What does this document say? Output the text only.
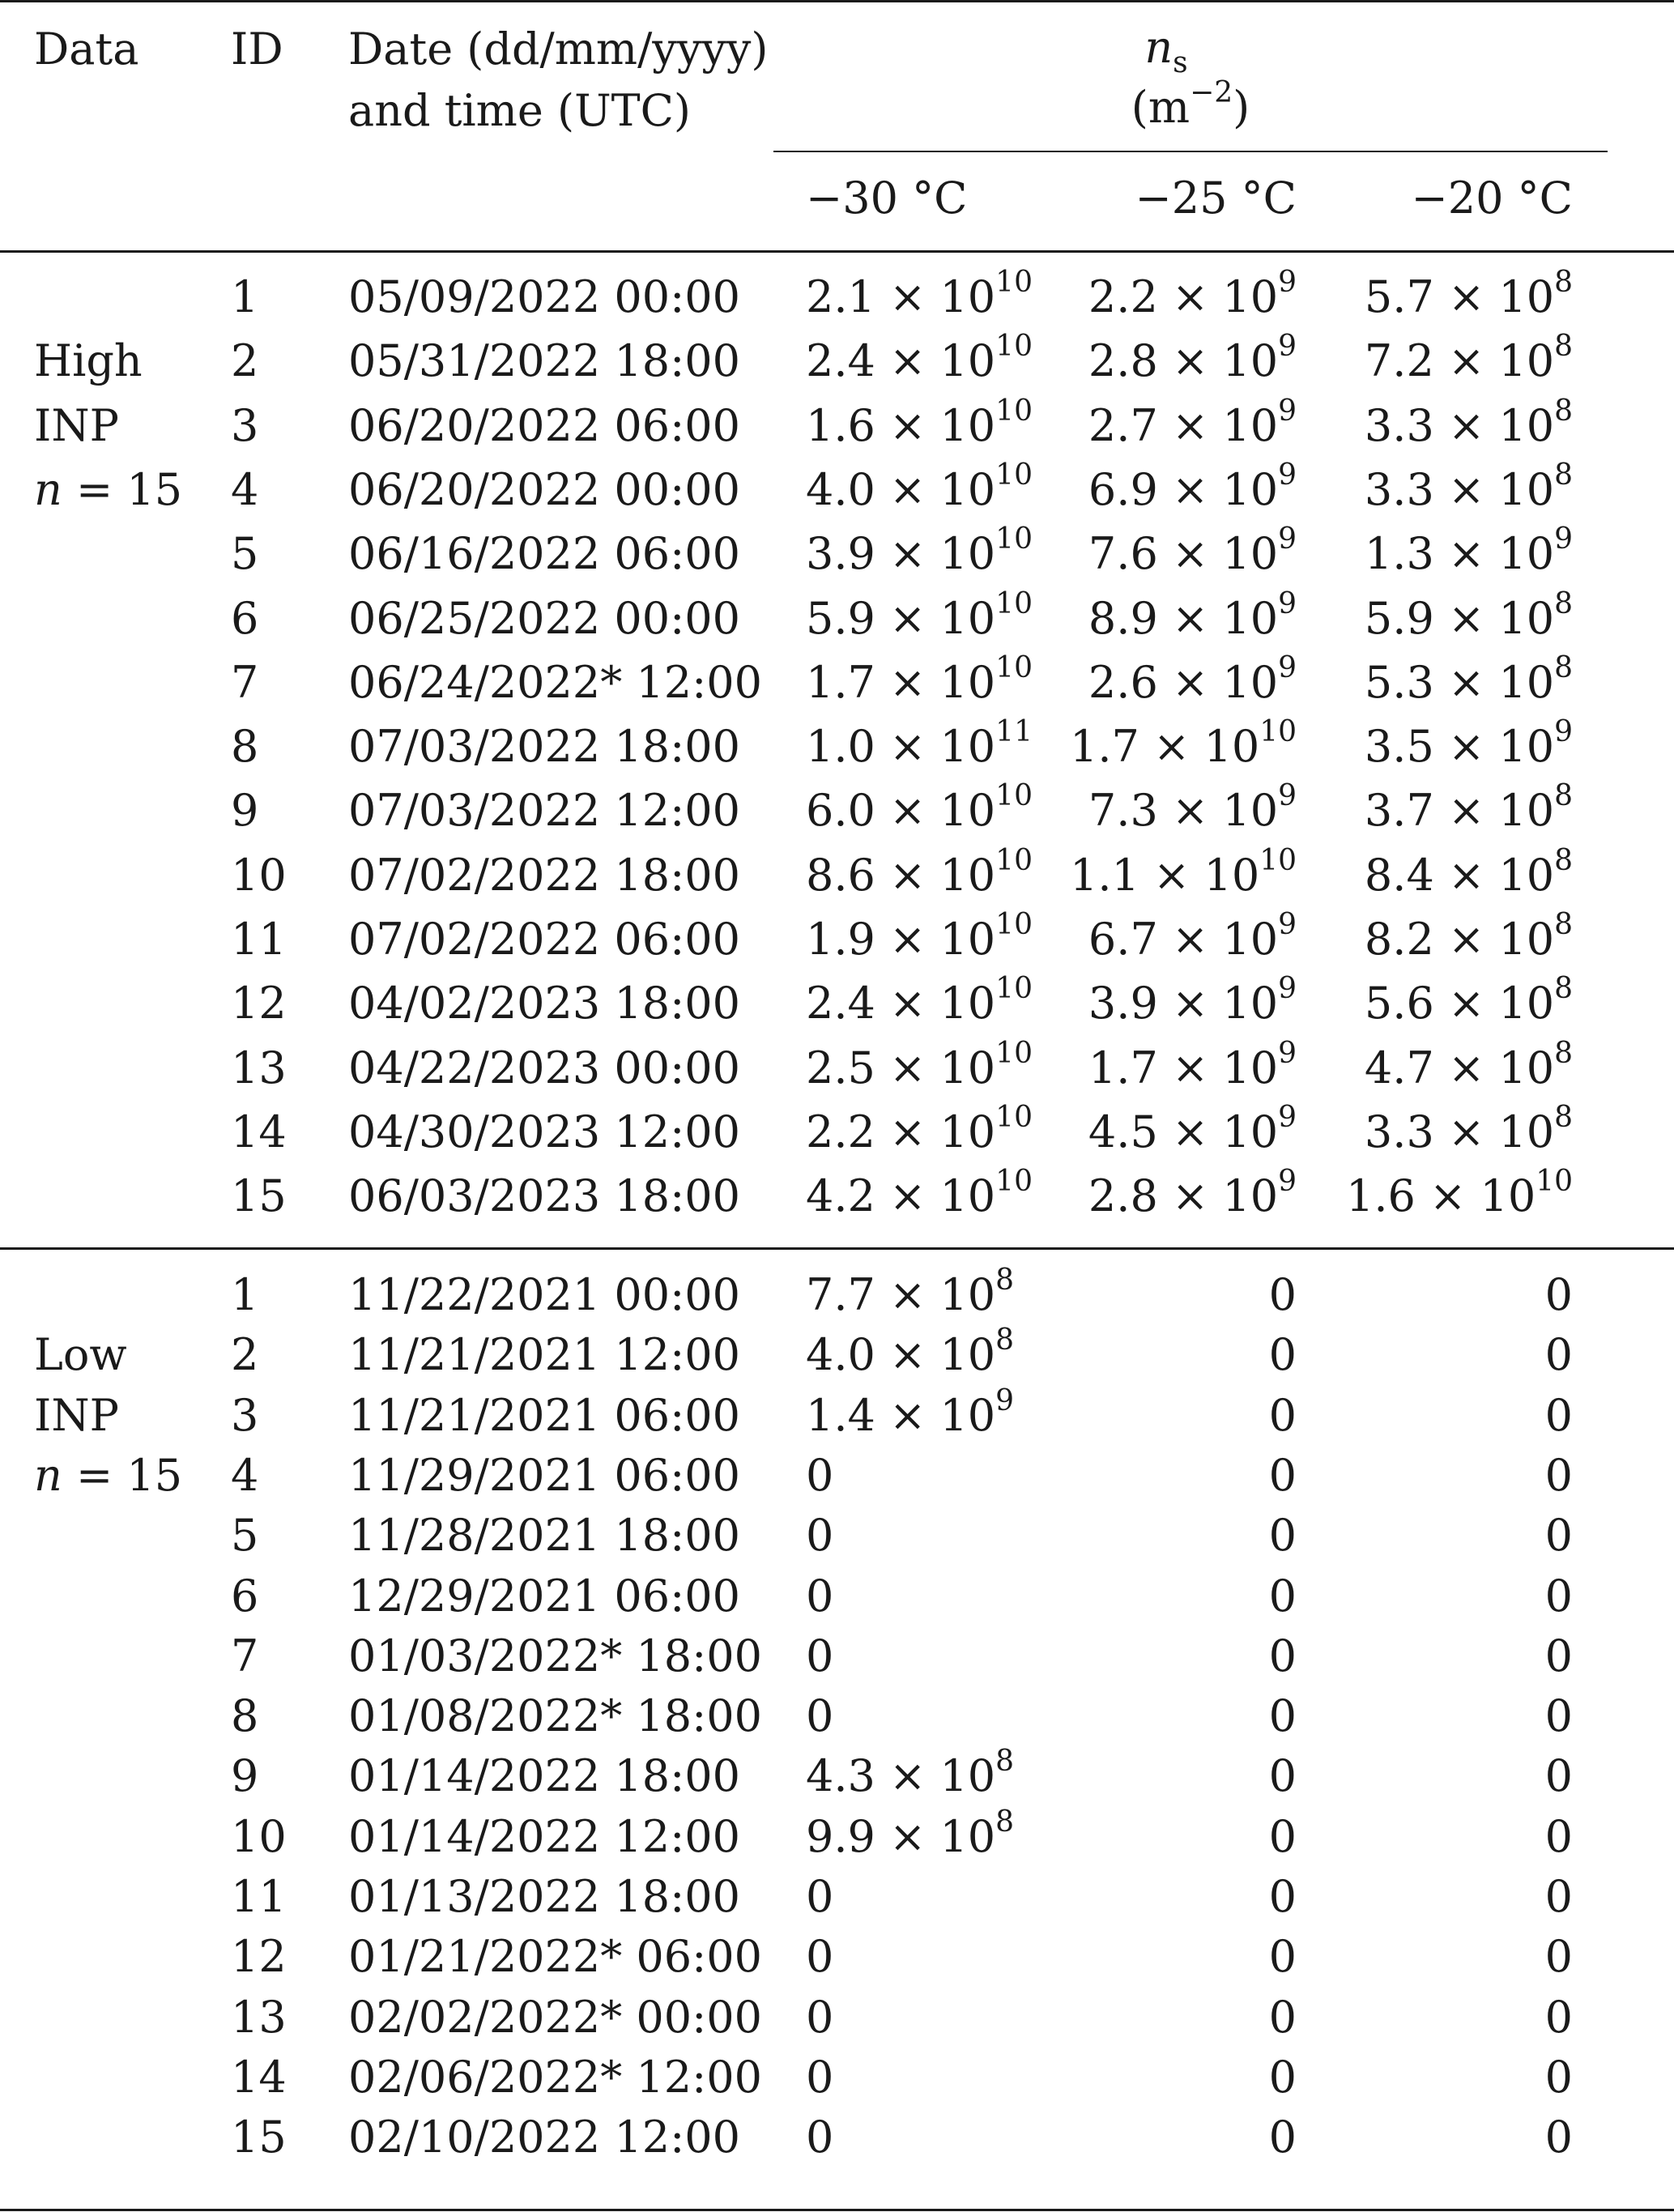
Data ID Date (dd/mm/yyyy)
and time (UTC)
$n_s$
$(m^{-2})$
−30 °C	−25 °C	−20 °C
High
INP
n = 15
1 05/09/2022 00:00 $2.1 \times 10^{10}$ $2.2 \times 10^9$ $5.7 \times 10^8$
2 05/31/2022 18:00 $2.4 \times 10^{10}$ $2.8 \times 10^9$ $7.2 \times 10^8$
3 06/20/2022 06:00 $1.6 \times 10^{10}$ $2.7 \times 10^9$ $3.3 \times 10^8$
4 06/20/2022 00:00 $4.0 \times 10^{10}$ $6.9 \times 10^9$ $3.3 \times 10^8$
5 06/16/2022 06:00 $3.9 \times 10^{10}$ $7.6 \times 10^9$ $1.3 \times 10^9$
6 06/25/2022 00:00 $5.9 \times 10^{10}$ $8.9 \times 10^9$ $5.9 \times 10^8$
7 06/24/2022* 12:00 $1.7 \times 10^{10}$ $2.6 \times 10^9$ $5.3 \times 10^8$
8 07/03/2022 18:00 $1.0 \times 10^{11}$ $1.7 \times 10^{10}$ $3.5 \times 10^9$
9 07/03/2022 12:00 $6.0 \times 10^{10}$ $7.3 \times 10^9$ $3.7 \times 10^8$
10 07/02/2022 18:00 $8.6 \times 10^{10}$ $1.1 \times 10^{10}$ $8.4 \times 10^8$
11 07/02/2022 06:00 $1.9 \times 10^{10}$ $6.7 \times 10^9$ $8.2 \times 10^8$
12 04/02/2023 18:00 $2.4 \times 10^{10}$ $3.9 \times 10^9$ $5.6 \times 10^8$
13 04/22/2023 00:00 $2.5 \times 10^{10}$ $1.7 \times 10^9$ $4.7 \times 10^8$
14 04/30/2023 12:00 $2.2 \times 10^{10}$ $4.5 \times 10^9$ $3.3 \times 10^8$
15 06/03/2023 18:00 $4.2 \times 10^{10}$ $2.8 \times 10^9$ $1.6 \times 10^{10}$
Low
INP
n = 15
1 11/22/2021 00:00 $7.7 \times 10^8$	0	0
2 11/21/2021 12:00 $4.0 \times 10^8$	0	0
3 11/21/2021 06:00 $1.4 \times 10^9$	0	0
4 11/29/2021 06:00 0	0	0
5 11/28/2021 18:00 0	0	0
6 12/29/2021 06:00 0	0	0
7 01/03/2022* 18:00 0	0	0
8 01/08/2022* 18:00 0	0	0
9 01/14/2022 18:00 $4.3 \times 10^8$	0	0
10 01/14/2022 12:00 $9.9 \times 10^8$	0	0
11 01/13/2022 18:00 0	0	0
12 01/21/2022* 06:00 0	0	0
13 02/02/2022* 00:00 0	0	0
14 02/06/2022* 12:00 0	0	0
15 02/10/2022 12:00 0	0	0
